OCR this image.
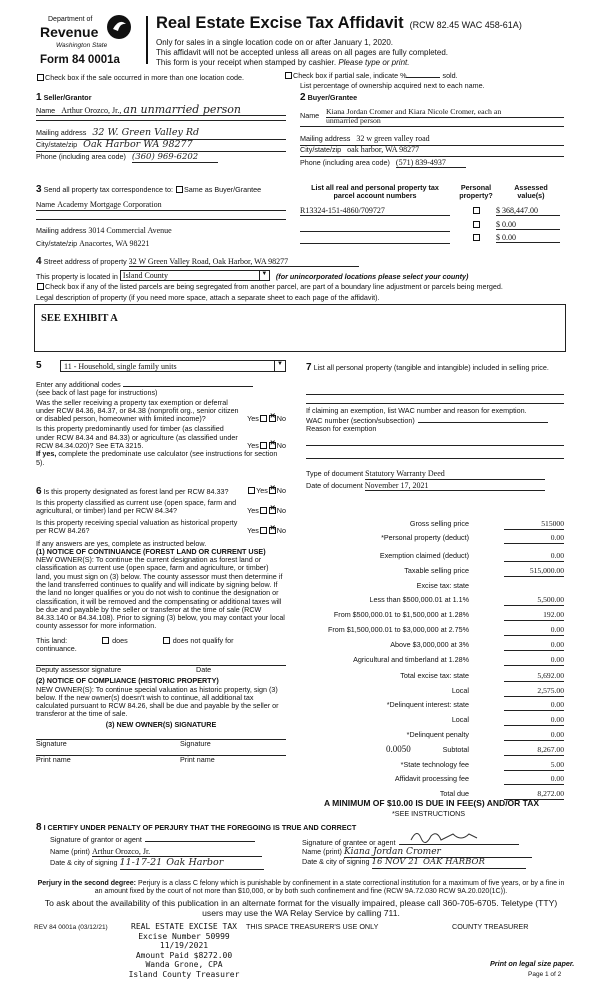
Department of
Revenue
Washington State
Form 84 0001a
Real Estate Excise Tax Affidavit (RCW 82.45 WAC 458-61A)
Only for sales in a single location code on or after January 1, 2020.
This affidavit will not be accepted unless all areas on all pages are fully completed.
This form is your receipt when stamped by cashier. Please type or print.
Check box if the sale occurred in more than one location code.	Check box if partial sale, indicate %	sold.
List percentage of ownership acquired next to each name.
1 Seller/Grantor
Name Arthur Orozco, Jr., an unmarried person
Mailing address 32 W. Green Valley Rd
City/state/zip Oak Harbor WA 98277
Phone (including area code) (360) 969-6202
2 Buyer/Grantee
Name Kiana Jordan Cromer and Kiara Nicole Cromer, each an
unmarried person
Mailing address 32 w green valley road
City/state/zip oak harbor, WA 98277
Phone (including area code) (571) 839-4937
3 Send all property tax correspondence to: Same as Buyer/Grantee
Name Academy Mortgage Corporation
Mailing address 3014 Commercial Avenue
City/state/zip Anacortes, WA 98221
List all real and personal property tax parcel account numbers
Personal property?
Assessed value(s)
R13324-151-4860/709727	$ 368,447.00
$ 0.00
$ 0.00
4 Street address of property 32 W Green Valley Road, Oak Harbor, WA 98277
This property is located in Island County	▼ (for unincorporated locations please select your county)
Check box if any of the listed parcels are being segregated from another parcel, are part of a boundary line adjustment or parcels being merged.
Legal description of property (if you need more space, attach a separate sheet to each page of the affidavit).
SEE EXHIBIT A
5	11 - Household, single family units	▼
Enter any additional codes
(see back of last page for instructions)
Was the seller receiving a property tax exemption or deferral under RCW 84.36, 84.37, or 84.38 (nonprofit org., senior citizen or disabled person, homeowner with limited income)?	Yes ✕	No
Is this property predominantly used for timber (as classified under RCW 84.34 and 84.33) or agriculture (as classified under RCW 84.34.020)? See ETA 3215.	Yes ✕	No
If yes, complete the predominate use calculator (see instructions for section 5).
6 Is this property designated as forest land per RCW 84.33?	Yes ✕ No
Is this property classified as current use (open space, farm and agricultural, or timber) land per RCW 84.34?	Yes ✕	No
Is this property receiving special valuation as historical property per RCW 84.26?	Yes ✕	No
If any answers are yes, complete as instructed below.
(1) NOTICE OF CONTINUANCE (FOREST LAND OR CURRENT USE)
NEW OWNER(S): To continue the current designation as forest land or classification as current use (open space, farm and agriculture, or timber) land, you must sign on (3) below. The county assessor must then determine if the land transferred continues to qualify and will indicate by signing below. If the land no longer qualifies or you do not wish to continue the designation or classification, it will be removed and the compensating or additional taxes will be due and payable by the seller or transferor at the time of sale (RCW 84.33.140 or 84.34.108). Prior to signing (3) below, you may contact your local county assessor for more information.
This land:	does	does not qualify for
continuance.
Deputy assessor signature	Date
(2) NOTICE OF COMPLIANCE (HISTORIC PROPERTY)
NEW OWNER(S): To continue special valuation as historic property, sign (3) below. If the new owner(s) doesn't wish to continue, all additional tax calculated pursuant to RCW 84.26, shall be due and payable by the seller or transferor at the time of sale.
(3) NEW OWNER(S) SIGNATURE
Signature	Signature
Print name	Print name
7 List all personal property (tangible and intangible) included in selling price.
If claiming an exemption, list WAC number and reason for exemption.
WAC number (section/subsection)
Reason for exemption
Type of document Statutory Warranty Deed
Date of document November 17, 2021
Gross selling price	515000
*Personal property (deduct)	0.00
Exemption claimed (deduct)	0.00
Taxable selling price	515,000.00
Excise tax: state
Less than $500,000.01 at 1.1%	5,500.00
From $500,000.01 to $1,500,000 at 1.28%	192.00
From $1,500,000.01 to $3,000,000 at 2.75%	0.00
Above $3,000,000 at 3%	0.00
Agricultural and timberland at 1.28%	0.00
Total excise tax: state	5,692.00
Local	2,575.00
*Delinquent interest: state	0.00
Local	0.00
*Delinquent penalty	0.00
Subtotal	8,267.00
*State technology fee	5.00
Affidavit processing fee	0.00
Total due	8,272.00
0.0050
A MINIMUM OF $10.00 IS DUE IN FEE(S) AND/OR TAX
*SEE INSTRUCTIONS
8 I CERTIFY UNDER PENALTY OF PERJURY THAT THE FOREGOING IS TRUE AND CORRECT
Signature of grantor or agent
Name (print) Arthur Orozco, Jr.
Date & city of signing 11-17-21 Oak Harbor
Signature of grantee or agent
Name (print) Kiana Jordan Cromer
Date & city of signing 16 NOV 21 OAK HARBOR
Perjury in the second degree: Perjury is a class C felony which is punishable by confinement in a state correctional institution for a maximum of five years, or by a fine in an amount fixed by the court of not more than $10,000, or by both such confinement and fine (RCW 9A.72.030 RCW 9A.20.020(1C)).
To ask about the availability of this publication in an alternate format for the visually impaired, please call 360-705-6705. Teletype (TTY) users may use the WA Relay Service by calling 711.
REV 84 0001a (03/12/21)	REAL ESTATE EXCISE TAX
Excise Number 50999
11/19/2021
Amount Paid $8272.00
Wanda Grone, CPA
Island County Treasurer
THIS SPACE TREASURER'S USE ONLY	COUNTY TREASURER
Print on legal size paper.
Page 1 of 2
